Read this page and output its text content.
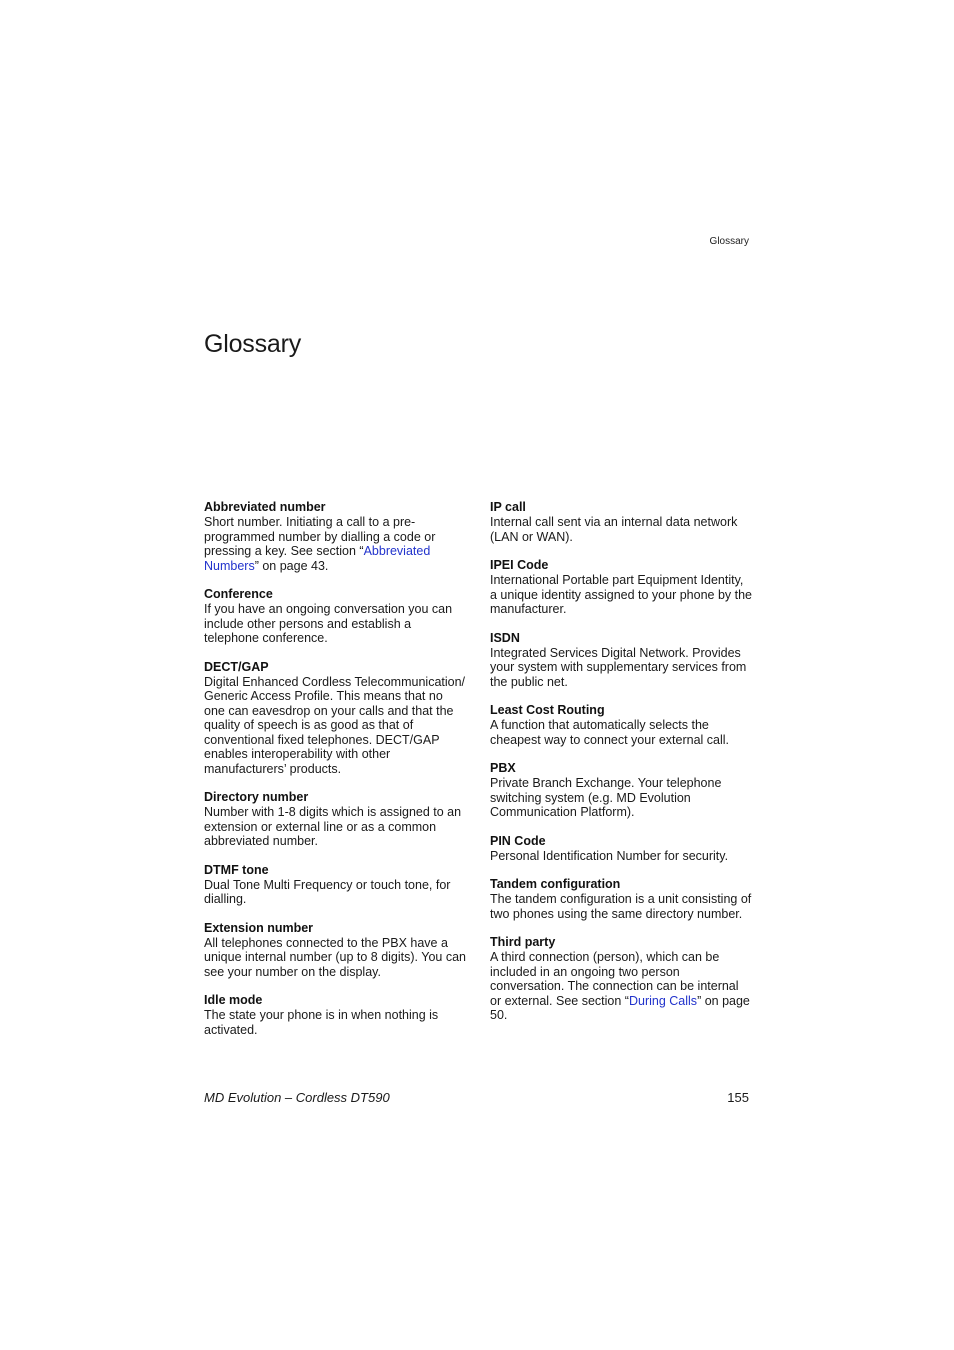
Glossary
Glossary
Abbreviated number
Short number. Initiating a call to a pre-programmed number by dialling a code or pressing a key. See section “Abbreviated Numbers” on page 43.
Conference
If you have an ongoing conversation you can include other persons and establish a telephone conference.
DECT/GAP
Digital Enhanced Cordless Telecommunication/ Generic Access Profile. This means that no one can eavesdrop on your calls and that the quality of speech is as good as that of conventional fixed telephones. DECT/GAP enables interoperability with other manufacturers’ products.
Directory number
Number with 1-8 digits which is assigned to an extension or external line or as a common abbreviated number.
DTMF tone
Dual Tone Multi Frequency or touch tone, for dialling.
Extension number
All telephones connected to the PBX have a unique internal number (up to 8 digits). You can see your number on the display.
Idle mode
The state your phone is in when nothing is activated.
IP call
Internal call sent via an internal data network (LAN or WAN).
IPEI Code
International Portable part Equipment Identity, a unique identity assigned to your phone by the manufacturer.
ISDN
Integrated Services Digital Network. Provides your system with supplementary services from the public net.
Least Cost Routing
A function that automatically selects the cheapest way to connect your external call.
PBX
Private Branch Exchange. Your telephone switching system (e.g. MD Evolution Communication Platform).
PIN Code
Personal Identification Number for security.
Tandem configuration
The tandem configuration is a unit consisting of two phones using the same directory number.
Third party
A third connection (person), which can be included in an ongoing two person conversation. The connection can be internal or external. See section “During Calls” on page 50.
MD Evolution – Cordless DT590	155
